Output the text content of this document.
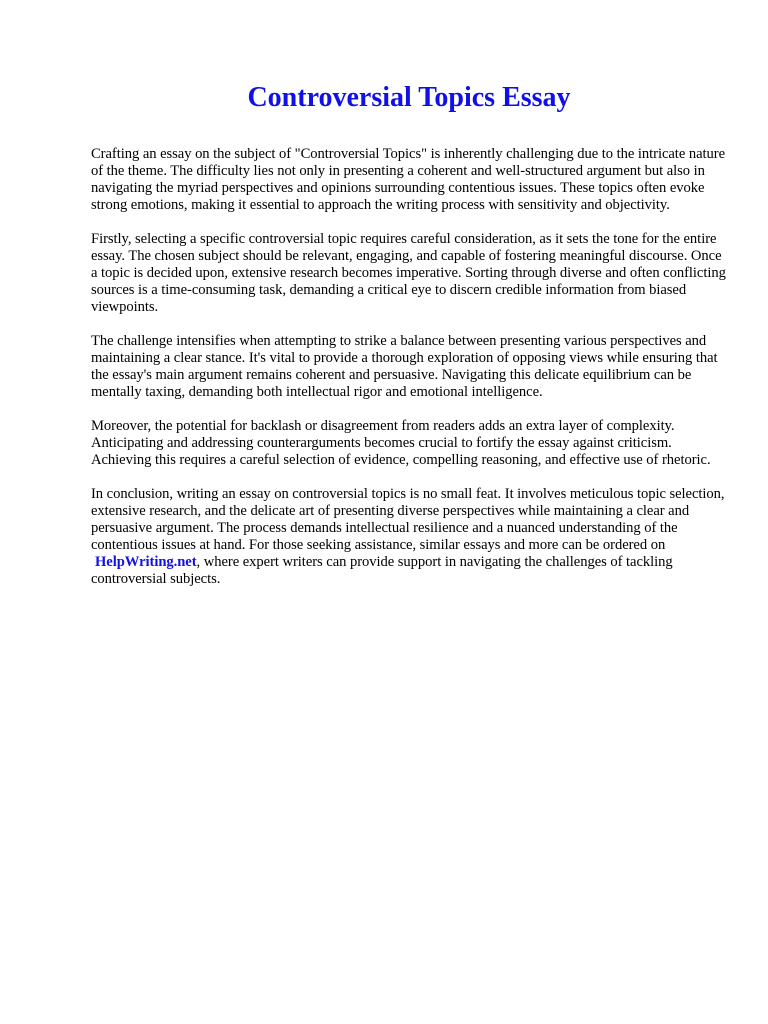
Controversial Topics Essay

Crafting an essay on the subject of "Controversial Topics" is inherently challenging due to the intricate nature of the theme. The difficulty lies not only in presenting a coherent and well-structured argument but also in navigating the myriad perspectives and opinions surrounding contentious issues. These topics often evoke strong emotions, making it essential to approach the writing process with sensitivity and objectivity.

Firstly, selecting a specific controversial topic requires careful consideration, as it sets the tone for the entire essay. The chosen subject should be relevant, engaging, and capable of fostering meaningful discourse. Once a topic is decided upon, extensive research becomes imperative. Sorting through diverse and often conflicting sources is a time-consuming task, demanding a critical eye to discern credible information from biased viewpoints.

The challenge intensifies when attempting to strike a balance between presenting various perspectives and maintaining a clear stance. It's vital to provide a thorough exploration of opposing views while ensuring that the essay's main argument remains coherent and persuasive. Navigating this delicate equilibrium can be mentally taxing, demanding both intellectual rigor and emotional intelligence.

Moreover, the potential for backlash or disagreement from readers adds an extra layer of complexity. Anticipating and addressing counterarguments becomes crucial to fortify the essay against criticism. Achieving this requires a careful selection of evidence, compelling reasoning, and effective use of rhetoric.

In conclusion, writing an essay on controversial topics is no small feat. It involves meticulous topic selection, extensive research, and the delicate art of presenting diverse perspectives while maintaining a clear and persuasive argument. The process demands intellectual resilience and a nuanced understanding of the contentious issues at hand. For those seeking assistance, similar essays and more can be ordered on HelpWriting.net, where expert writers can provide support in navigating the challenges of tackling controversial subjects.
